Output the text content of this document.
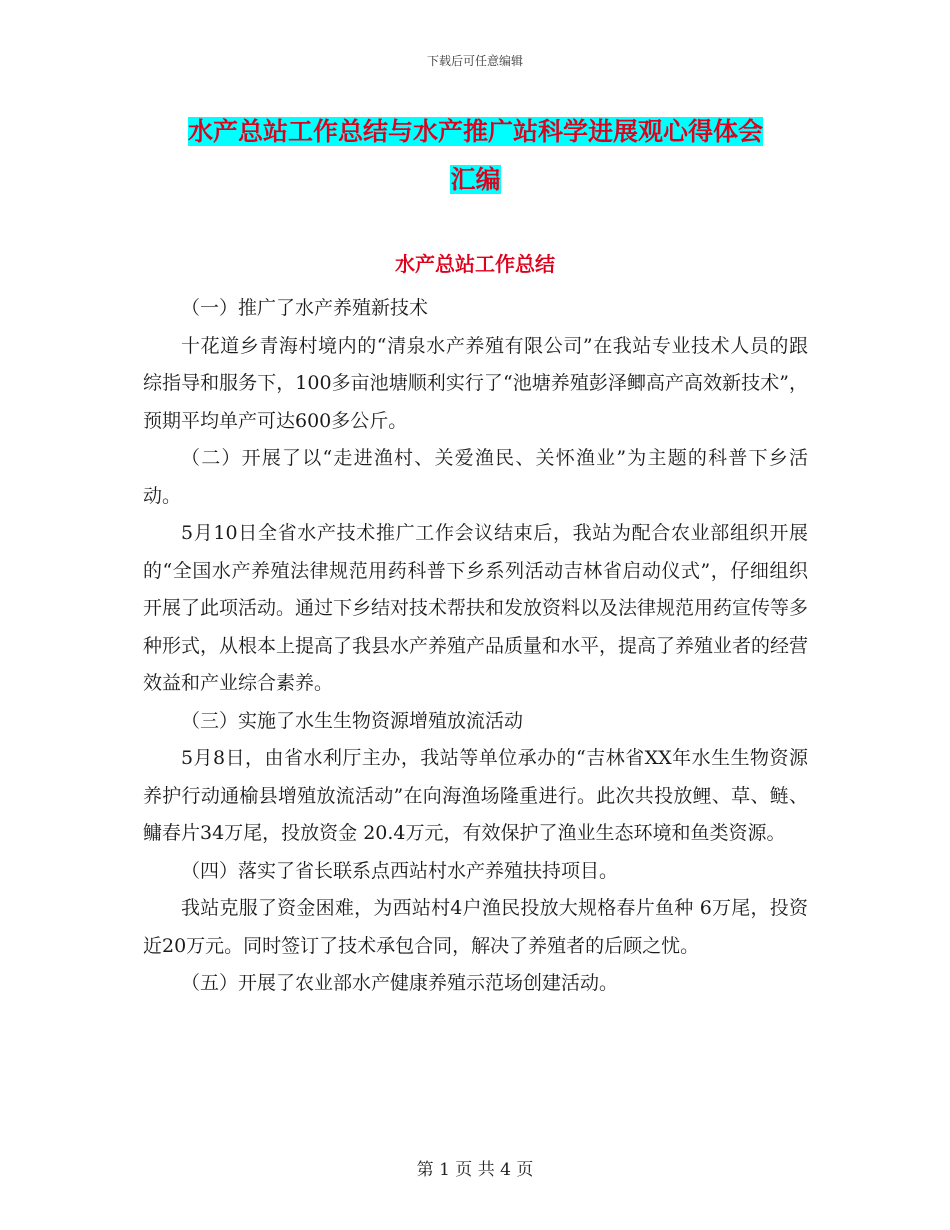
下载后可任意编辑
水产总站工作总结与水产推广站科学进展观心得体会
汇编
水产总站工作总结

（一）推广了水产养殖新技术

十花道乡青海村境内的“清泉水产养殖有限公司”在我站专业技术人员的跟综指导和服务下，100多亩池塘顺利实行了“池塘养殖彭泽鲫高产高效新技术”，预期平均单产可达600多公斤。

（二）开展了以“走进渔村、关爱渔民、关怀渔业”为主题的科普下乡活动。

5月10日全省水产技术推广工作会议结束后，我站为配合农业部组织开展的“全国水产养殖法律规范用药科普下乡系列活动吉林省启动仪式”，仔细组织开展了此项活动。通过下乡结对技术帮扶和发放资料以及法律规范用药宣传等多种形式，从根本上提高了我县水产养殖产品质量和水平，提高了养殖业者的经营效益和产业综合素养。

（三）实施了水生生物资源增殖放流活动

5月8日，由省水利厅主办，我站等单位承办的“吉林省XX年水生生物资源养护行动通榆县增殖放流活动”在向海渔场隆重进行。此次共投放鲤、草、鲢、鳙春片34万尾，投放资金 20.4万元，有效保护了渔业生态环境和鱼类资源。

（四）落实了省长联系点西站村水产养殖扶持项目。

我站克服了资金困难，为西站村4户渔民投放大规格春片鱼种 6万尾，投资近20万元。同时签订了技术承包合同，解决了养殖者的后顾之忧。

（五）开展了农业部水产健康养殖示范场创建活动。

第 1 页 共 4 页
